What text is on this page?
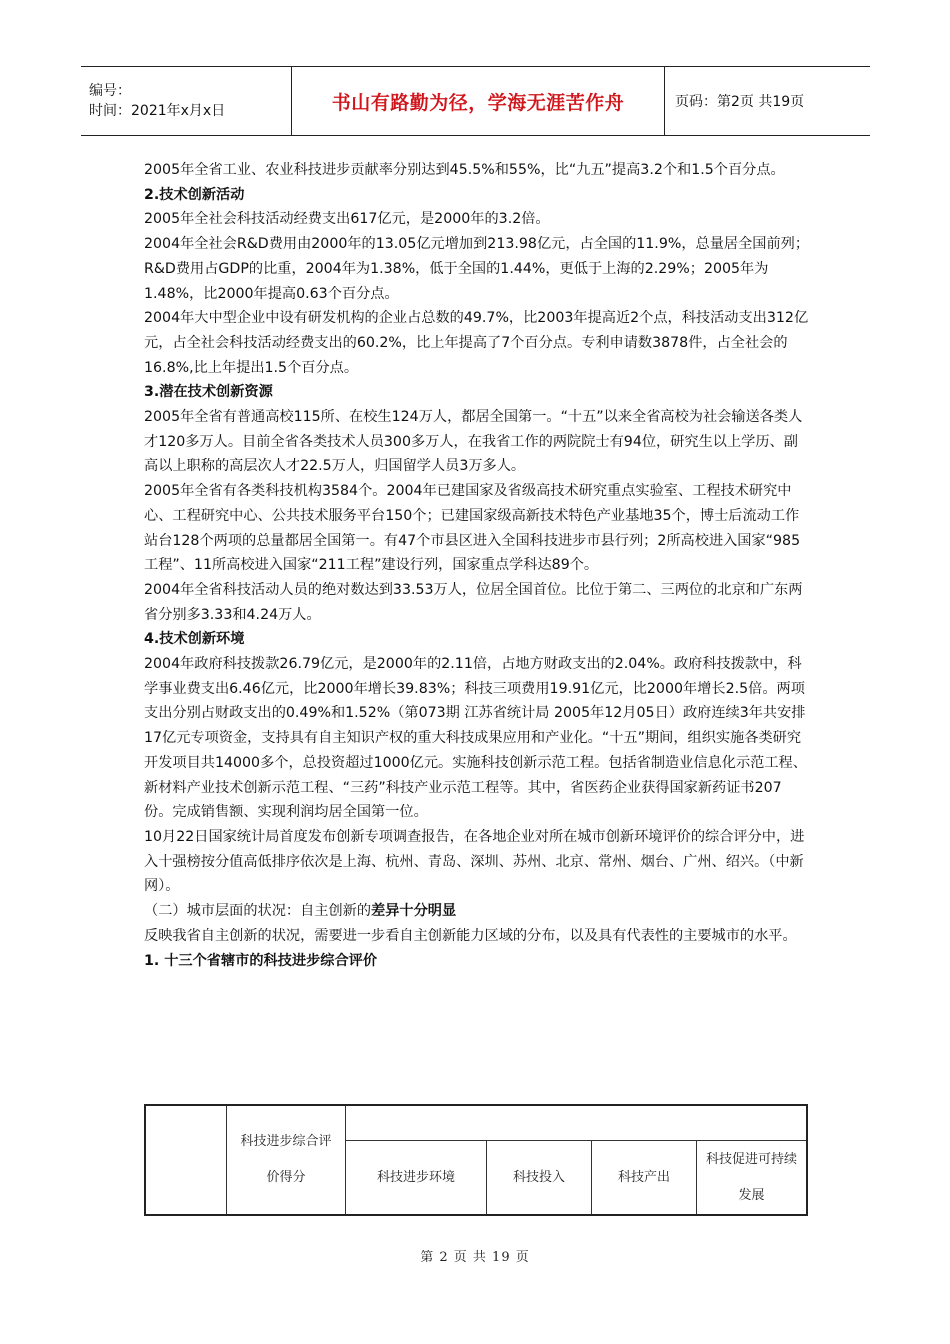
编号：
时间：2021年x月x日	书山有路勤为径，学海无涯苦作舟	页码：第2页 共19页

2005年全省工业、农业科技进步贡献率分别达到45.5%和55%，比“九五”提高3.2个和1.5个百分点。

2.技术创新活动

2005年全社会科技活动经费支出617亿元，是2000年的3.2倍。

2004年全社会R&D费用由2000年的13.05亿元增加到213.98亿元，占全国的11.9%，总量居全国前列；R&D费用占GDP的比重，2004年为1.38%，低于全国的1.44%，更低于上海的2.29%；2005年为1.48%，比2000年提高0.63个百分点。

2004年大中型企业中设有研发机构的企业占总数的49.7%，比2003年提高近2个点，科技活动支出312亿元，占全社会科技活动经费支出的60.2%，比上年提高了7个百分点。专利申请数3878件，占全社会的16.8%,比上年提出1.5个百分点。

3.潜在技术创新资源

2005年全省有普通高校115所、在校生124万人，都居全国第一。“十五”以来全省高校为社会输送各类人才120多万人。目前全省各类技术人员300多万人，在我省工作的两院院士有94位，研究生以上学历、副高以上职称的高层次人才22.5万人，归国留学人员3万多人。

2005年全省有各类科技机构3584个。2004年已建国家及省级高技术研究重点实验室、工程技术研究中心、工程研究中心、公共技术服务平台150个；已建国家级高新技术特色产业基地35个，博士后流动工作站台128个两项的总量都居全国第一。有47个市县区进入全国科技进步市县行列；2所高校进入国家“985工程”、11所高校进入国家“211工程”建设行列，国家重点学科达89个。

2004年全省科技活动人员的绝对数达到33.53万人，位居全国首位。比位于第二、三两位的北京和广东两省分别多3.33和4.24万人。

4.技术创新环境

2004年政府科技拨款26.79亿元，是2000年的2.11倍，占地方财政支出的2.04%。政府科技拨款中，科学事业费支出6.46亿元，比2000年增长39.83%；科技三项费用19.91亿元，比2000年增长2.5倍。两项支出分别占财政支出的0.49%和1.52%（第073期 江苏省统计局 2005年12月05日）政府连续3年共安排17亿元专项资金，支持具有自主知识产权的重大科技成果应用和产业化。“十五”期间，组织实施各类研究开发项目共14000多个，总投资超过1000亿元。实施科技创新示范工程。包括省制造业信息化示范工程、新材料产业技术创新示范工程、“三药”科技产业示范工程等。其中，省医药企业获得国家新药证书207份。完成销售额、实现利润均居全国第一位。

10月22日国家统计局首度发布创新专项调查报告，在各地企业对所在城市创新环境评价的综合评分中，进入十强榜按分值高低排序依次是上海、杭州、青岛、深圳、苏州、北京、常州、烟台、广州、绍兴。（中新网）。

（二）城市层面的状况：自主创新的差异十分明显

反映我省自主创新的状况，需要进一步看自主创新能力区域的分布，以及具有代表性的主要城市的水平。

1. 十三个省辖市的科技进步综合评价

	科技进步综合评
价得分				

		科技进步环境	科技投入	科技产出	科技促进可持续
发展
第 2 页 共 19 页
